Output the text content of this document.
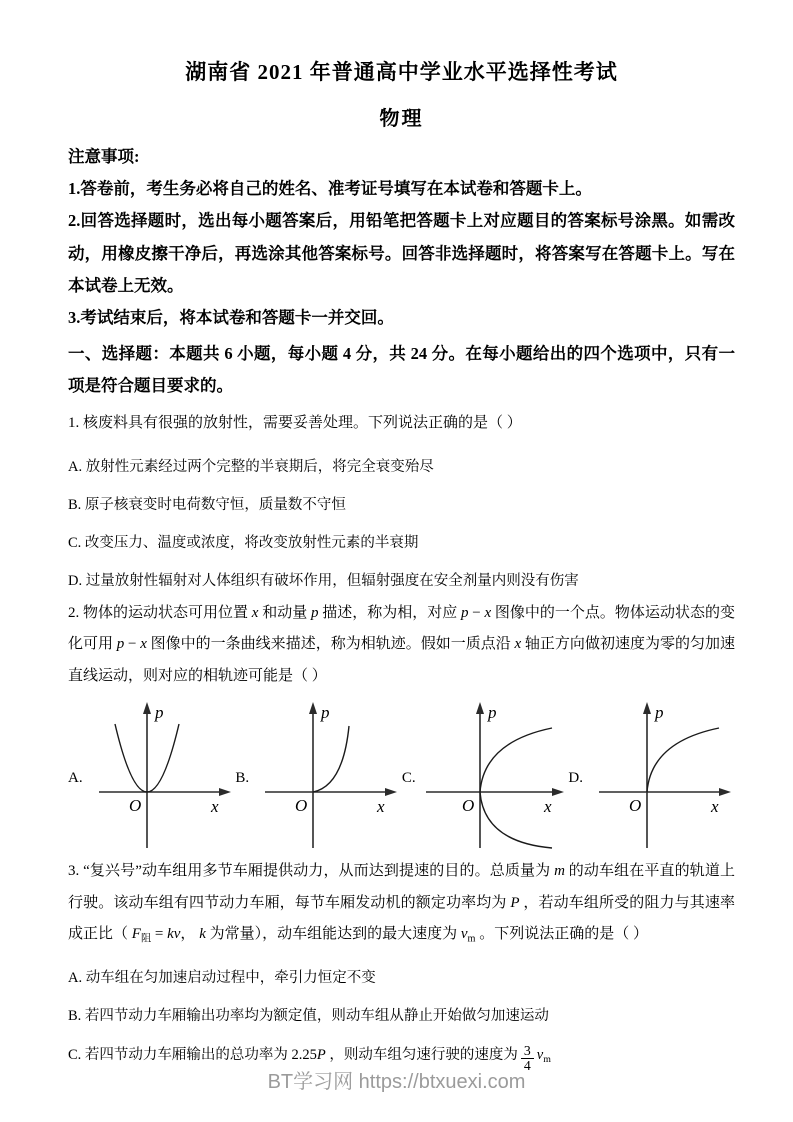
湖南省 2021 年普通高中学业水平选择性考试
物理

注意事项:

1.答卷前，考生务必将自己的姓名、准考证号填写在本试卷和答题卡上。

2.回答选择题时，选出每小题答案后，用铅笔把答题卡上对应题目的答案标号涂黑。如需改动，用橡皮擦干净后，再选涂其他答案标号。回答非选择题时，将答案写在答题卡上。写在本试卷上无效。

3.考试结束后，将本试卷和答题卡一并交回。

一、选择题：本题共 6 小题，每小题 4 分，共 24 分。在每小题给出的四个选项中，只有一项是符合题目要求的。

1. 核废料具有很强的放射性，需要妥善处理。下列说法正确的是（ ）

A. 放射性元素经过两个完整的半衰期后，将完全衰变殆尽

B. 原子核衰变时电荷数守恒，质量数不守恒

C. 改变压力、温度或浓度，将改变放射性元素的半衰期

D. 过量放射性辐射对人体组织有破坏作用，但辐射强度在安全剂量内则没有伤害

2. 物体的运动状态可用位置 x 和动量 p 描述，称为相，对应 p − x 图像中的一个点。物体运动状态的变化可用 p − x 图像中的一条曲线来描述，称为相轨迹。假如一质点沿 x 轴正方向做初速度为零的匀加速直线运动，则对应的相轨迹可能是（ ）

A.
p
x
O
B.
p
x
O
C.
p
x
O
D.
p
x
O

3. “复兴号”动车组用多节车厢提供动力，从而达到提速的目的。总质量为 m 的动车组在平直的轨道上行驶。该动车组有四节动力车厢，每节车厢发动机的额定功率均为 P ，若动车组所受的阻力与其速率成正比（ $F_阻$ = kv， k 为常量），动车组能达到的最大速度为 $v_m$ 。下列说法正确的是（ ）

A. 动车组在匀加速启动过程中，牵引力恒定不变

B. 若四节动力车厢输出功率均为额定值，则动车组从静止开始做匀加速运动

C. 若四节动力车厢输出的总功率为 2.25P ，则动车组匀速行驶的速度为 $\frac{3}{4} v_m$

BT学习网 https://btxuexi.com
